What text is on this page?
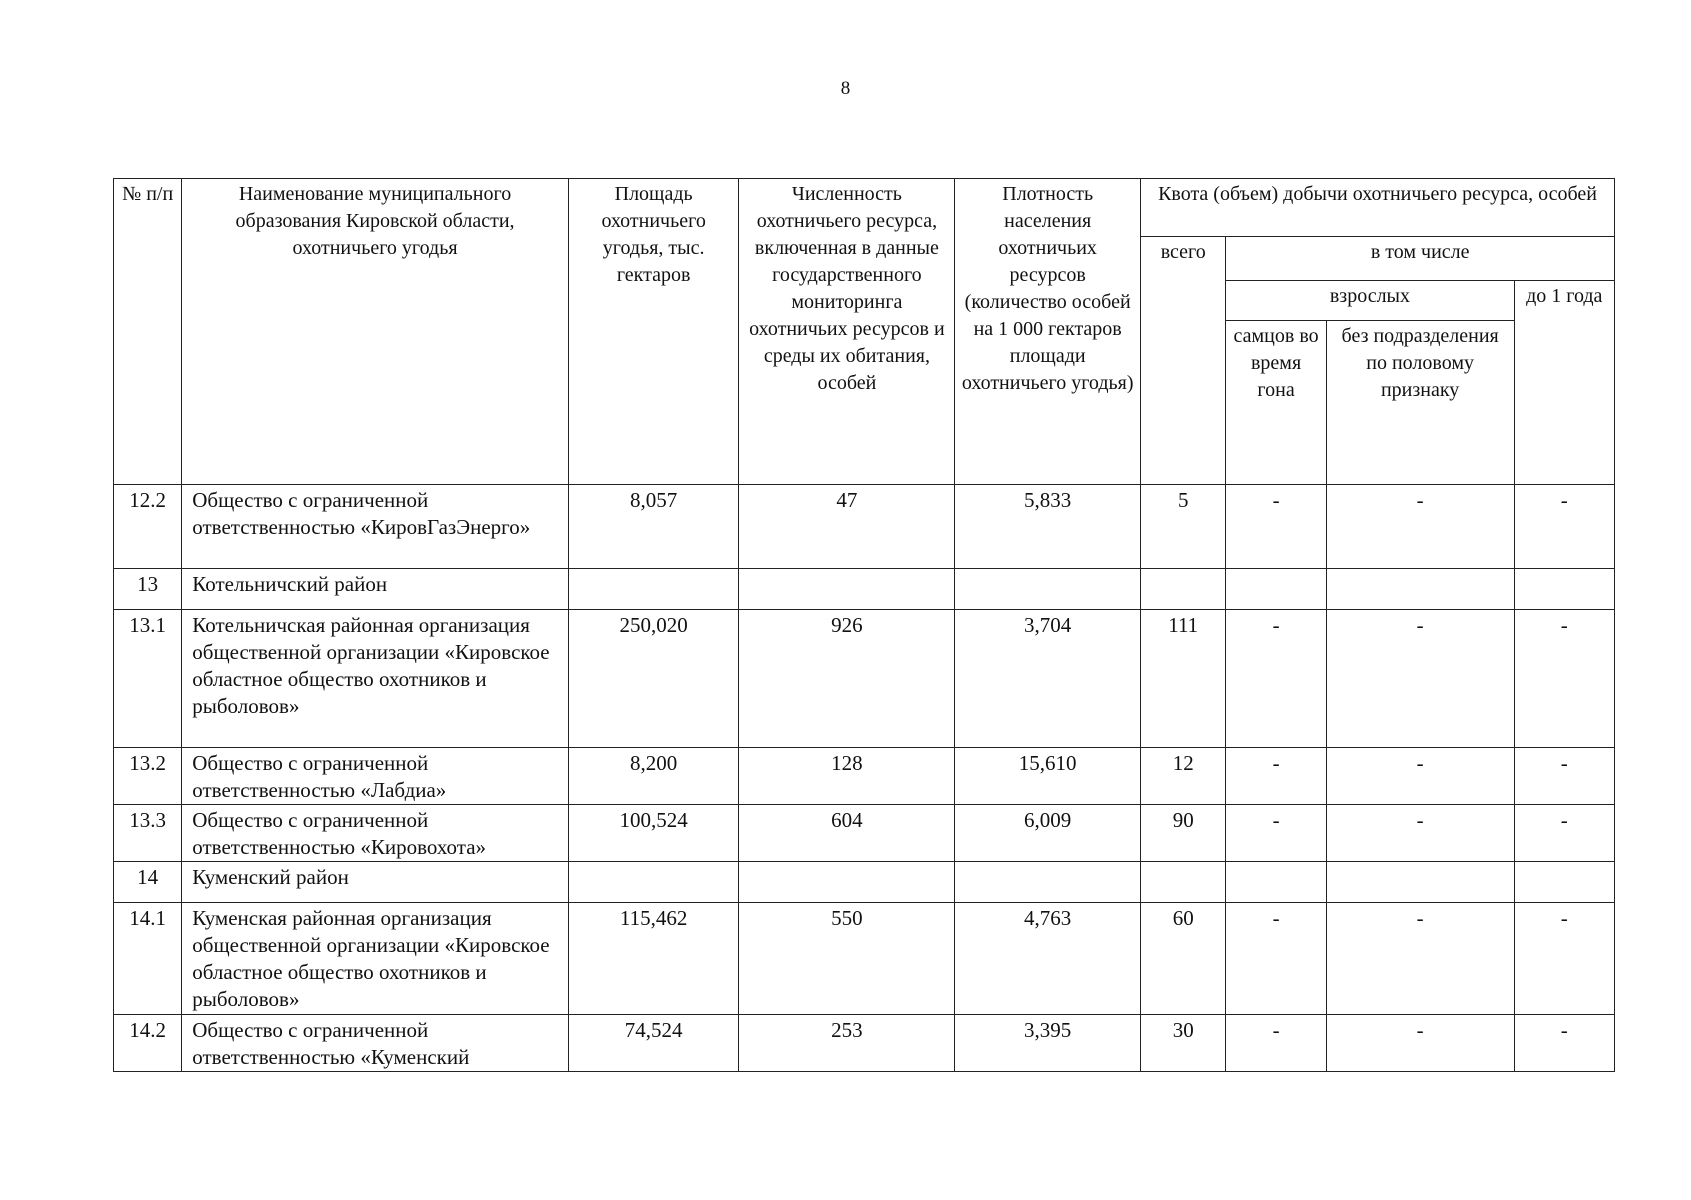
8
№ п/п	Наименование муниципального образования Кировской области, охотничьего угодья	Площадь охотничьего угодья, тыс. гектаров	Численность охотничьего ресурса, включенная в данные государственного мониторинга охотничьих ресурсов и среды их обитания, особей	Плотность населения охотничьих ресурсов (количество особей на 1 000 гектаров площади охотничьего угодья)	Квота (объем) добычи охотничьего ресурса, особей			
					всего	в том числе		
						взрослых		до 1 года
						самцов во время гона	без подразделения по половому признаку	
12.2	Общество с ограниченной ответственностью «КировГазЭнерго»	8,057	47	5,833	5	-	-	-
13	Котельничский район							
13.1	Котельничская районная организация общественной организации «Кировское областное общество охотников и рыболовов»	250,020	926	3,704	111	-	-	-
13.2	Общество с ограниченной ответственностью «Лабдиа»	8,200	128	15,610	12	-	-	-
13.3	Общество с ограниченной ответственностью «Кировохота»	100,524	604	6,009	90	-	-	-
14	Куменский район							
14.1	Куменская районная организация общественной организации «Кировское областное общество охотников и рыболовов»	115,462	550	4,763	60	-	-	-
14.2	Общество с ограниченной ответственностью «Куменский	74,524	253	3,395	30	-	-	-
